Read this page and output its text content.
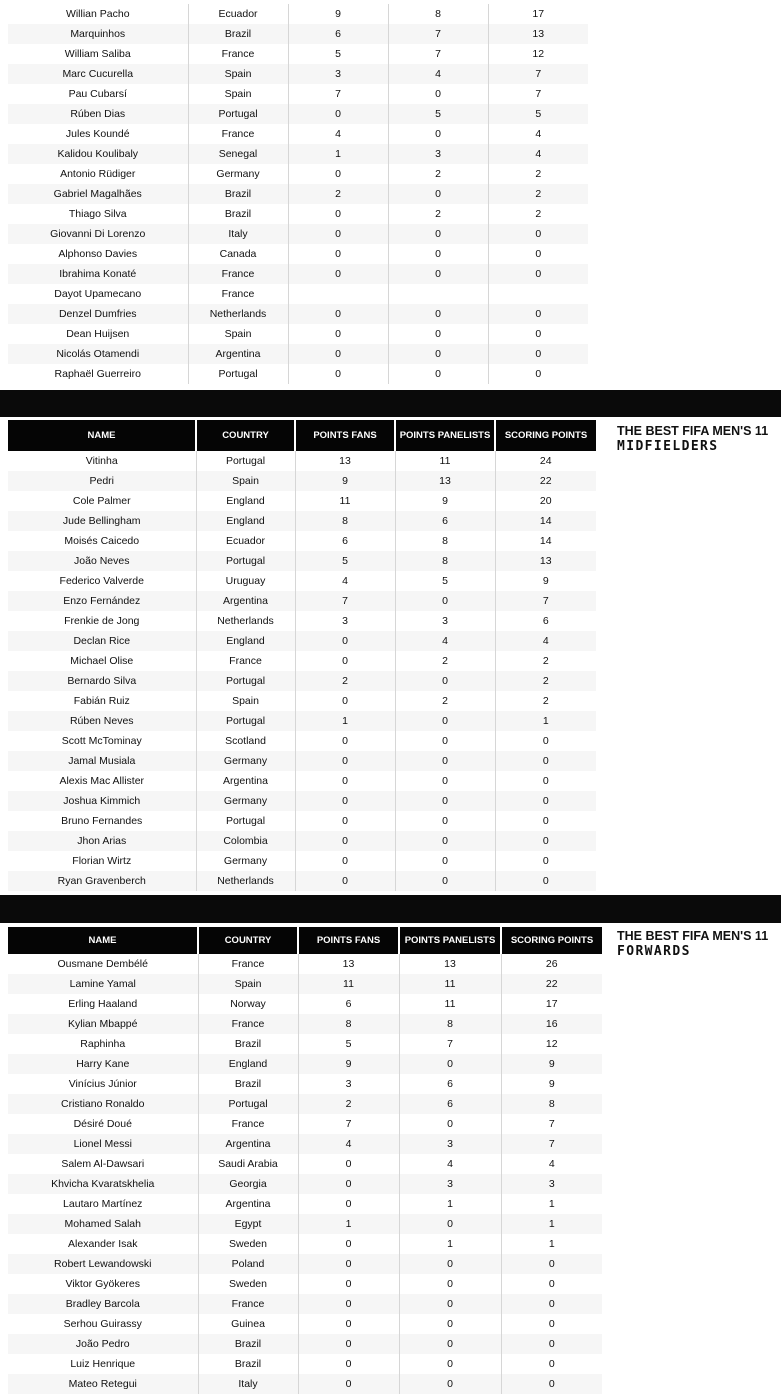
Willian Pacho	Ecuador	9	8	17
Marquinhos	Brazil	6	7	13
William Saliba	France	5	7	12
Marc Cucurella	Spain	3	4	7
Pau Cubarsí	Spain	7	0	7
Rúben Dias	Portugal	0	5	5
Jules Koundé	France	4	0	4
Kalidou Koulibaly	Senegal	1	3	4
Antonio Rüdiger	Germany	0	2	2
Gabriel Magalhães	Brazil	2	0	2
Thiago Silva	Brazil	0	2	2
Giovanni Di Lorenzo	Italy	0	0	0
Alphonso Davies	Canada	0	0	0
Ibrahima Konaté	France	0	0	0
Dayot Upamecano	France			
Denzel Dumfries	Netherlands	0	0	0
Dean Huijsen	Spain	0	0	0
Nicolás Otamendi	Argentina	0	0	0
Raphaël Guerreiro	Portugal	0	0	0
NAME	COUNTRY	POINTS FANS	POINTS PANELISTS	SCORING POINTS
Vitinha	Portugal	13	11	24
Pedri	Spain	9	13	22
Cole Palmer	England	11	9	20
Jude Bellingham	England	8	6	14
Moisés Caicedo	Ecuador	6	8	14
João Neves	Portugal	5	8	13
Federico Valverde	Uruguay	4	5	9
Enzo Fernández	Argentina	7	0	7
Frenkie de Jong	Netherlands	3	3	6
Declan Rice	England	0	4	4
Michael Olise	France	0	2	2
Bernardo Silva	Portugal	2	0	2
Fabián Ruiz	Spain	0	2	2
Rúben Neves	Portugal	1	0	1
Scott McTominay	Scotland	0	0	0
Jamal Musiala	Germany	0	0	0
Alexis Mac Allister	Argentina	0	0	0
Joshua Kimmich	Germany	0	0	0
Bruno Fernandes	Portugal	0	0	0
Jhon Arias	Colombia	0	0	0
Florian Wirtz	Germany	0	0	0
Ryan Gravenberch	Netherlands	0	0	0
THE BEST FIFA MEN'S 11
MIDFIELDERS
NAME	COUNTRY	POINTS FANS	POINTS PANELISTS	SCORING POINTS
Ousmane Dembélé	France	13	13	26
Lamine Yamal	Spain	11	11	22
Erling Haaland	Norway	6	11	17
Kylian Mbappé	France	8	8	16
Raphinha	Brazil	5	7	12
Harry Kane	England	9	0	9
Vinícius Júnior	Brazil	3	6	9
Cristiano Ronaldo	Portugal	2	6	8
Désiré Doué	France	7	0	7
Lionel Messi	Argentina	4	3	7
Salem Al-Dawsari	Saudi Arabia	0	4	4
Khvicha Kvaratskhelia	Georgia	0	3	3
Lautaro Martínez	Argentina	0	1	1
Mohamed Salah	Egypt	1	0	1
Alexander Isak	Sweden	0	1	1
Robert Lewandowski	Poland	0	0	0
Viktor Gyökeres	Sweden	0	0	0
Bradley Barcola	France	0	0	0
Serhou Guirassy	Guinea	0	0	0
João Pedro	Brazil	0	0	0
Luiz Henrique	Brazil	0	0	0
Mateo Retegui	Italy	0	0	0
THE BEST FIFA MEN'S 11
FORWARDS
